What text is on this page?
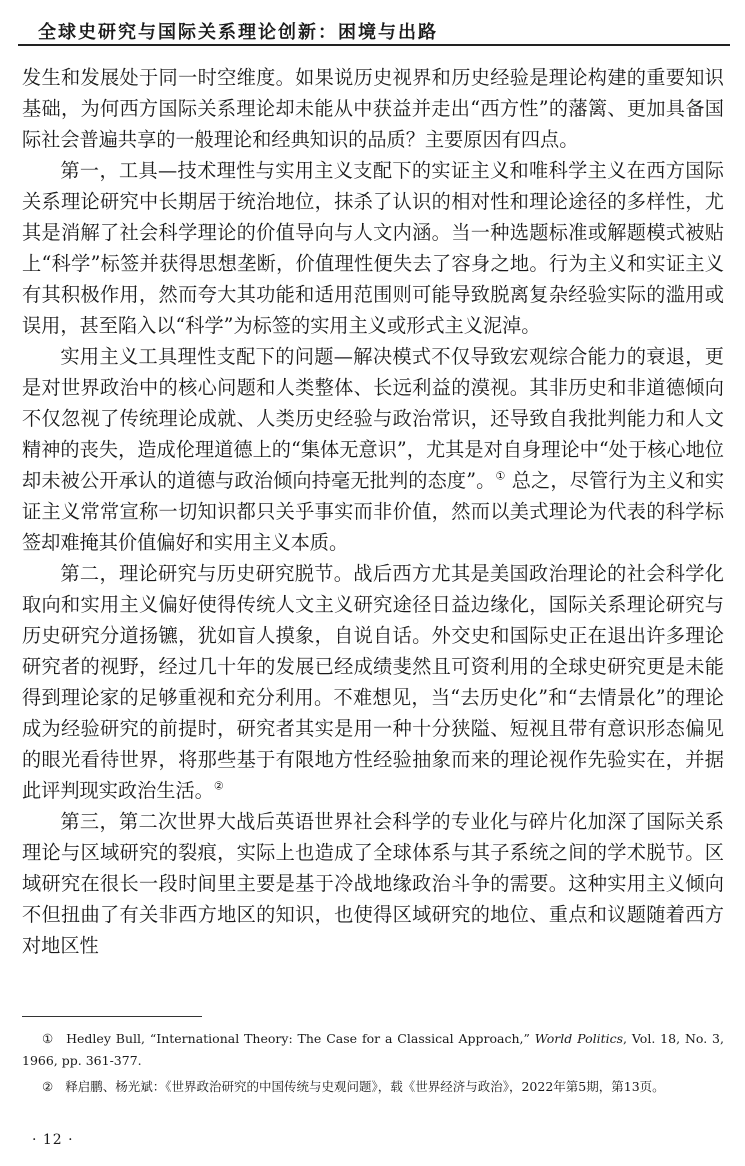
全球史研究与国际关系理论创新：困境与出路

发生和发展处于同一时空维度。如果说历史视界和历史经验是理论构建的重要知识基础，为何西方国际关系理论却未能从中获益并走出“西方性”的藩篱、更加具备国际社会普遍共享的一般理论和经典知识的品质？主要原因有四点。

第一，工具—技术理性与实用主义支配下的实证主义和唯科学主义在西方国际关系理论研究中长期居于统治地位，抹杀了认识的相对性和理论途径的多样性，尤其是消解了社会科学理论的价值导向与人文内涵。当一种选题标准或解题模式被贴上“科学”标签并获得思想垄断，价值理性便失去了容身之地。行为主义和实证主义有其积极作用，然而夸大其功能和适用范围则可能导致脱离复杂经验实际的滥用或误用，甚至陷入以“科学”为标签的实用主义或形式主义泥淖。

实用主义工具理性支配下的问题—解决模式不仅导致宏观综合能力的衰退，更是对世界政治中的核心问题和人类整体、长远利益的漠视。其非历史和非道德倾向不仅忽视了传统理论成就、人类历史经验与政治常识，还导致自我批判能力和人文精神的丧失，造成伦理道德上的“集体无意识”，尤其是对自身理论中“处于核心地位却未被公开承认的道德与政治倾向持毫无批判的态度”。① 总之，尽管行为主义和实证主义常常宣称一切知识都只关乎事实而非价值，然而以美式理论为代表的科学标签却难掩其价值偏好和实用主义本质。

第二，理论研究与历史研究脱节。战后西方尤其是美国政治理论的社会科学化取向和实用主义偏好使得传统人文主义研究途径日益边缘化，国际关系理论研究与历史研究分道扬镳，犹如盲人摸象，自说自话。外交史和国际史正在退出许多理论研究者的视野，经过几十年的发展已经成绩斐然且可资利用的全球史研究更是未能得到理论家的足够重视和充分利用。不难想见，当“去历史化”和“去情景化”的理论成为经验研究的前提时，研究者其实是用一种十分狭隘、短视且带有意识形态偏见的眼光看待世界，将那些基于有限地方性经验抽象而来的理论视作先验实在，并据此评判现实政治生活。②

第三，第二次世界大战后英语世界社会科学的专业化与碎片化加深了国际关系理论与区域研究的裂痕，实际上也造成了全球体系与其子系统之间的学术脱节。区域研究在很长一段时间里主要是基于冷战地缘政治斗争的需要。这种实用主义倾向不但扭曲了有关非西方地区的知识，也使得区域研究的地位、重点和议题随着西方对地区性

① Hedley Bull, “International Theory: The Case for a Classical Approach,” World Politics, Vol. 18, No. 3, 1966, pp. 361-377.

② 释启鹏、杨光斌：《世界政治研究的中国传统与史观问题》，载《世界经济与政治》，2022年第5期，第13页。

· 12 ·
